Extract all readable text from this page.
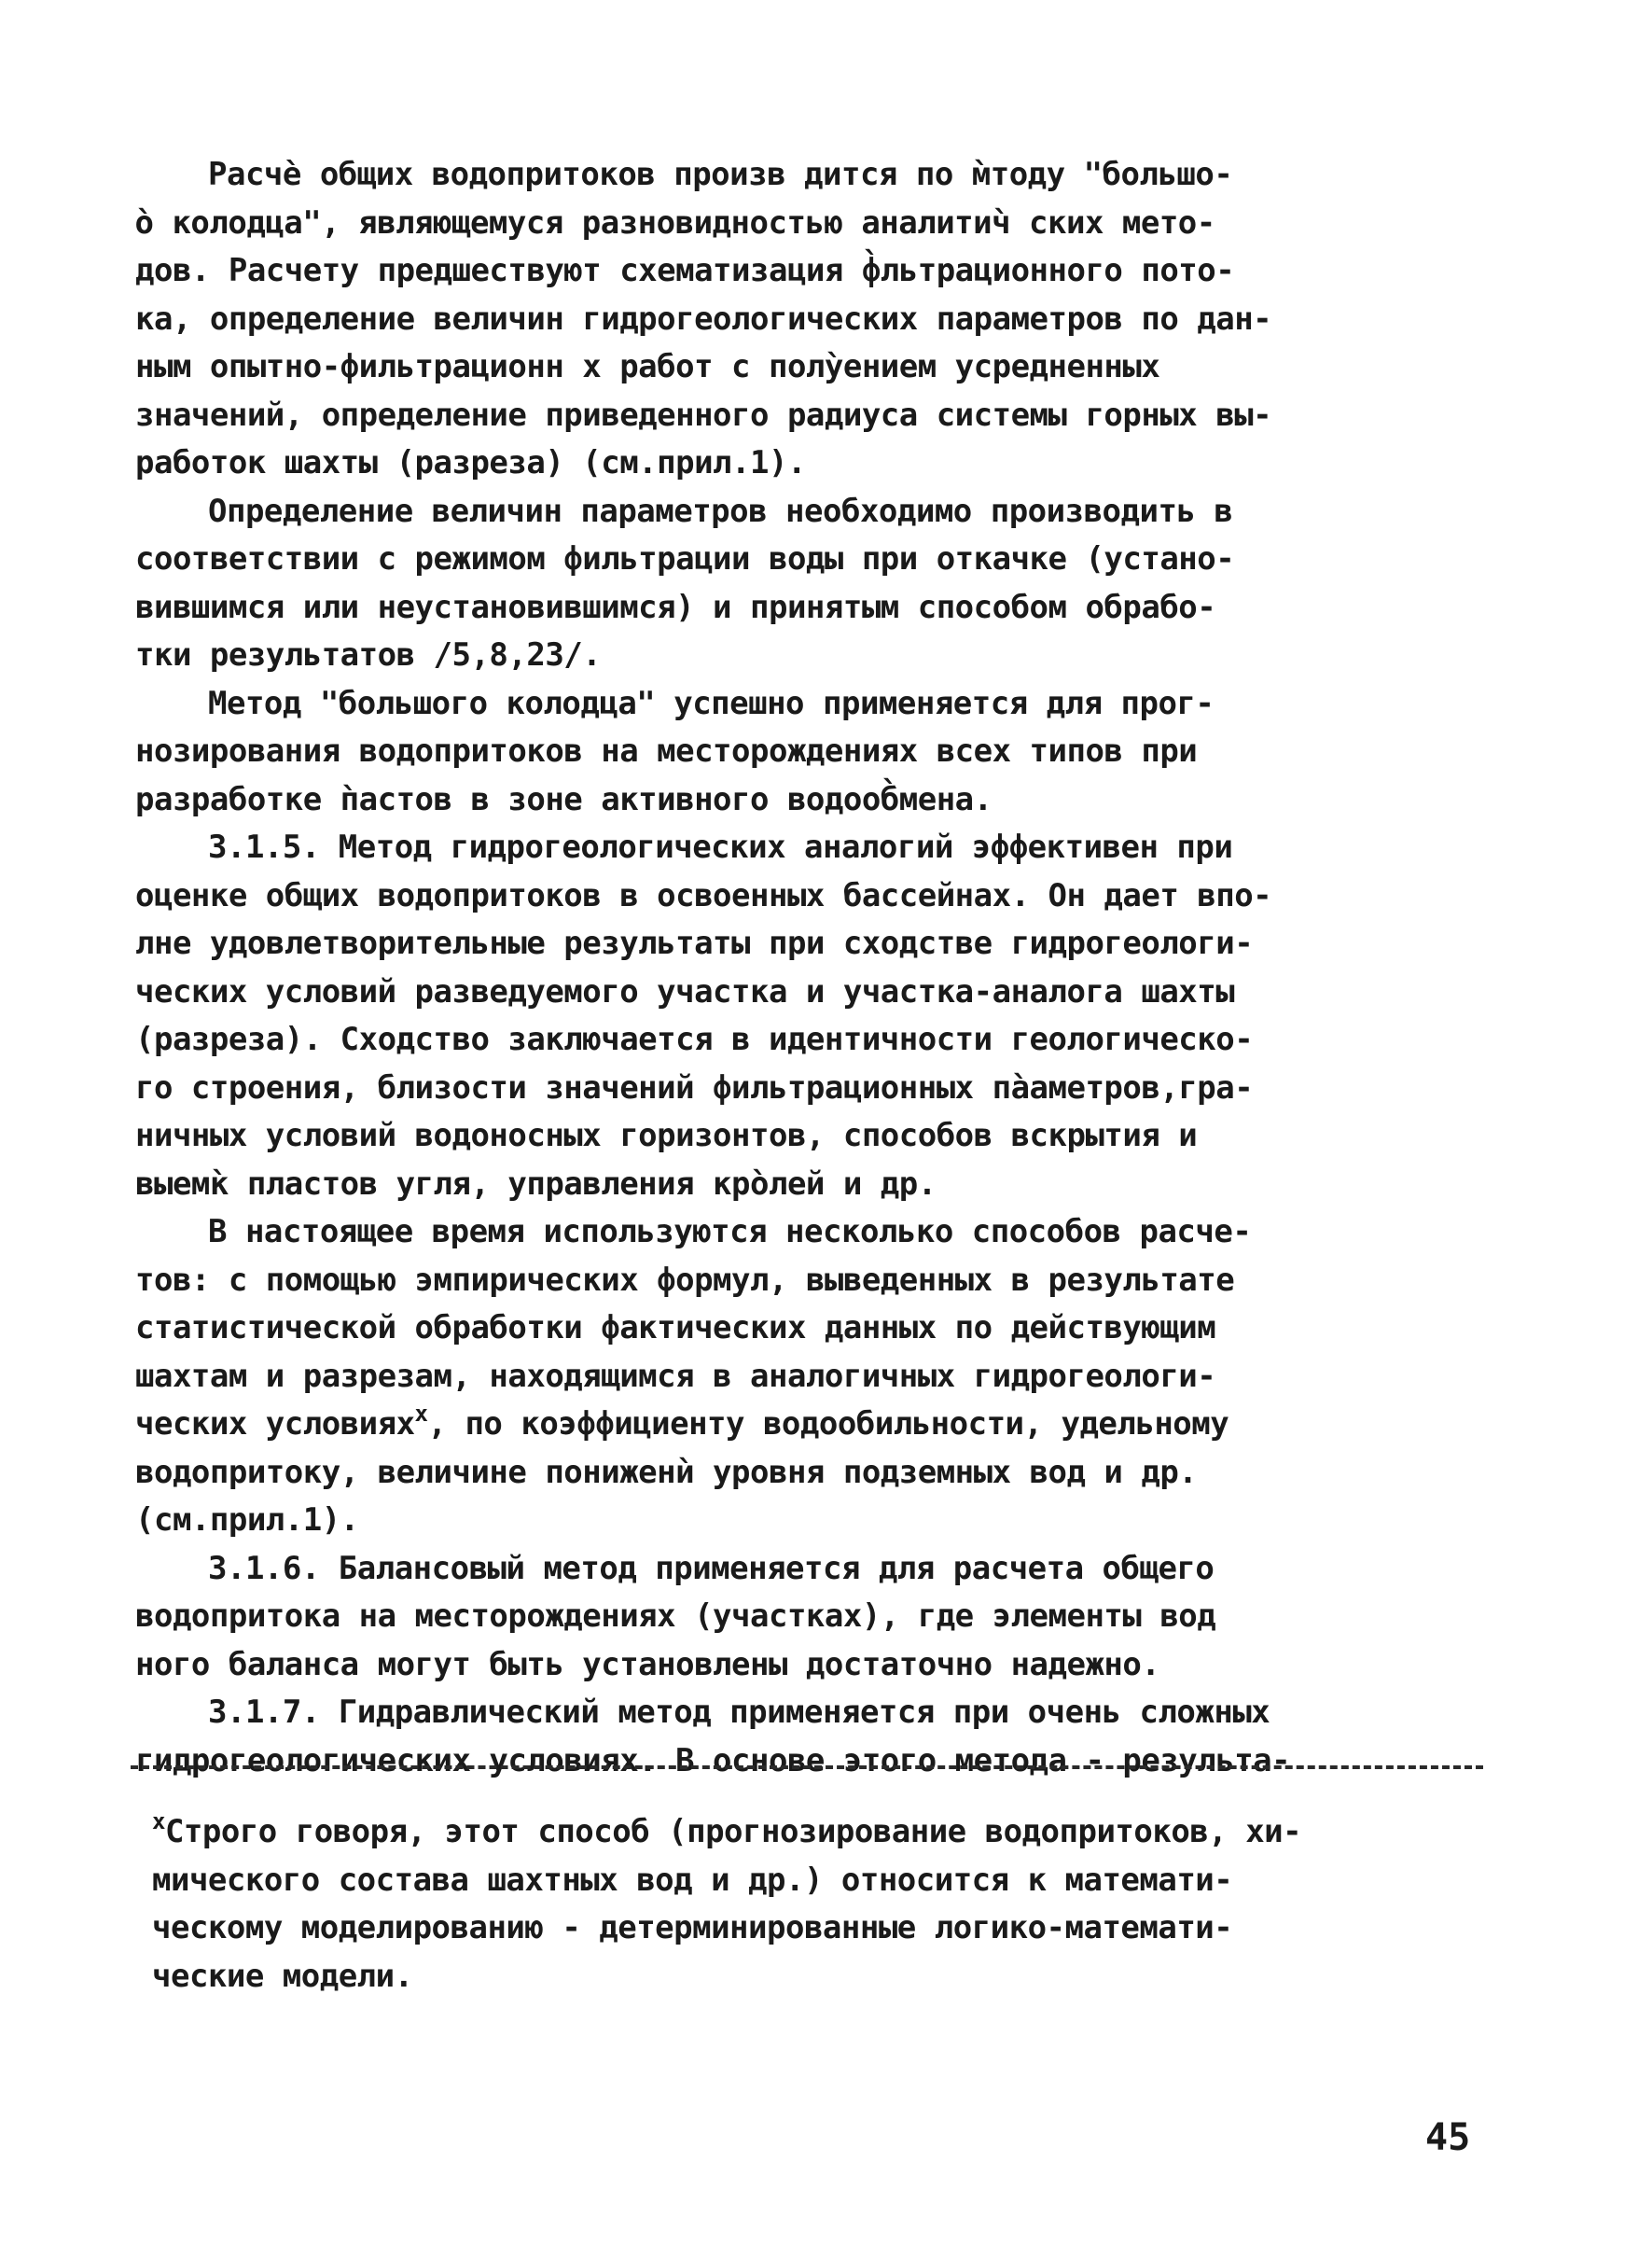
Расчѐ общих водопритоков произв дится по м̀тоду "большо-
̀о колодца", являющемуся разновидностью аналитич̀ ских мето-
дов. Расчету предшествуют схематизация ф̀льтрационного пото-
ка, определение величин гидрогеологических параметров по дан-
ным опытно-фильтрационн х работ с полу̀ением усредненных
значений, определение приведенного радиуса системы горных вы-
работок шахты (разреза) (см.прил.1).
Определение величин параметров необходимо производить в
соответствии с режимом фильтрации воды при откачке (устано-
вившимся или неустановившимся) и принятым способом обрабо-
тки результатов /5,8,23/.
Метод "большого колодца" успешно применяется для прог-
нозирования водопритоков на месторождениях всех типов при
разработке п̀астов в зоне активного водооб̀мена.
3.1.5. Метод гидрогеологических аналогий эффективен при
оценке общих водопритоков в освоенных бассейнах. Он дает впо-
лне удовлетворительные результаты при сходстве гидрогеологи-
ческих условий разведуемого участка и участка-аналога шахты
(разреза). Сходство заключается в идентичности геологическо-
го строения, близости значений фильтрационных па̀аметров,гра-
ничных условий водоносных горизонтов, способов вскрытия и
выемк̀ пластов угля, управления кро̀лей и др.
В настоящее время используются несколько способов расче-
тов: с помощью эмпирических формул, выведенных в результате
статистической обработки фактических данных по действующим
шахтам и разрезам, находящимся в аналогичных гидрогеологи-
ческих условиях$^x$, по коэффициенту водообильности, удельному
водопритоку, величине пониженѝ уровня подземных вод и др.
(см.прил.1).
3.1.6. Балансовый метод применяется для расчета общего
водопритока на месторождениях (участках), где элементы вод
ного баланса могут быть установлены достаточно надежно.
3.1.7. Гидравлический метод применяется при очень сложных
гидрогеологических условиях. В основе этого метода - результа-
$^x$Строго говоря, этот способ (прогнозирование водопритоков, хи-
мического состава шахтных вод и др.) относится к математи-
ческому моделированию - детерминированные логико-математи-
ческие модели.
45
